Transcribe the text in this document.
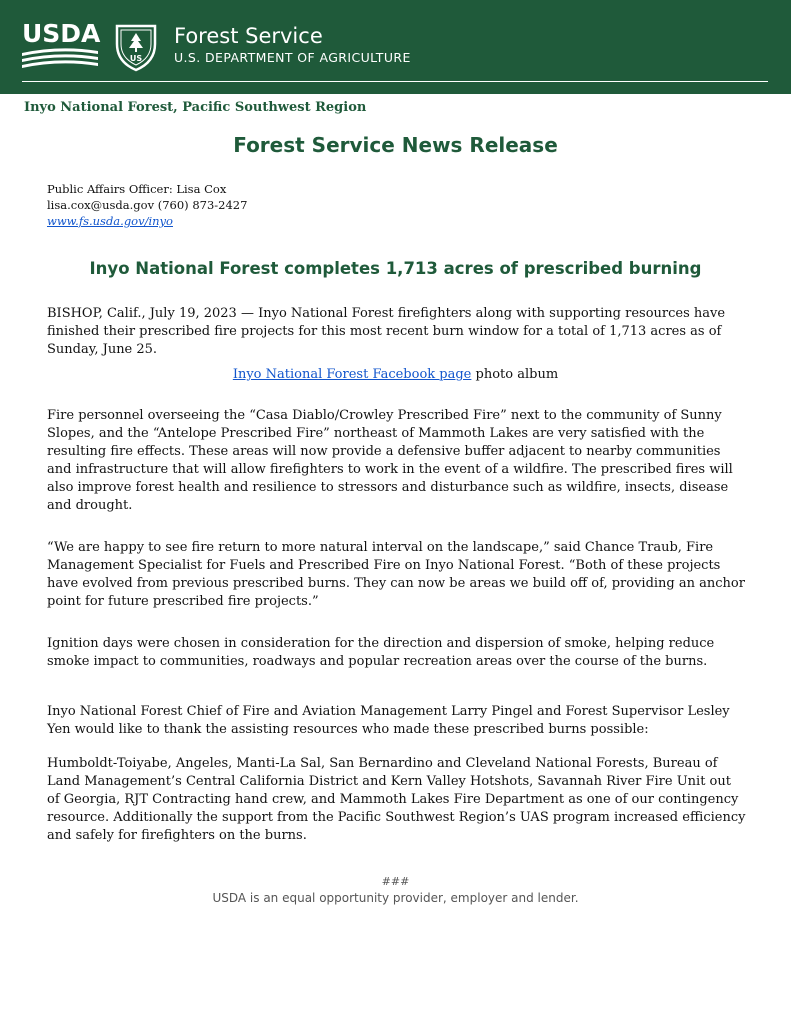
USDA
US
Forest Service
U.S. DEPARTMENT OF AGRICULTURE
Inyo National Forest, Pacific Southwest Region
Forest Service News Release
Public Affairs Officer: Lisa Cox
lisa.cox@usda.gov (760) 873-2427
www.fs.usda.gov/inyo
Inyo National Forest completes 1,713 acres of prescribed burning

BISHOP, Calif., July 19, 2023 — Inyo National Forest firefighters along with supporting resources have finished their prescribed fire projects for this most recent burn window for a total of 1,713 acres as of Sunday, June 25.

Inyo National Forest Facebook page photo album

Fire personnel overseeing the “Casa Diablo/Crowley Prescribed Fire” next to the community of Sunny Slopes, and the “Antelope Prescribed Fire” northeast of Mammoth Lakes are very satisfied with the resulting fire effects. These areas will now provide a defensive buffer adjacent to nearby communities and infrastructure that will allow firefighters to work in the event of a wildfire. The prescribed fires will also improve forest health and resilience to stressors and disturbance such as wildfire, insects, disease and drought.

“We are happy to see fire return to more natural interval on the landscape,” said Chance Traub, Fire Management Specialist for Fuels and Prescribed Fire on Inyo National Forest. “Both of these projects have evolved from previous prescribed burns. They can now be areas we build off of, providing an anchor point for future prescribed fire projects.”

Ignition days were chosen in consideration for the direction and dispersion of smoke, helping reduce smoke impact to communities, roadways and popular recreation areas over the course of the burns.

Inyo National Forest Chief of Fire and Aviation Management Larry Pingel and Forest Supervisor Lesley Yen would like to thank the assisting resources who made these prescribed burns possible:

Humboldt-Toiyabe, Angeles, Manti-La Sal, San Bernardino and Cleveland National Forests, Bureau of Land Management’s Central California District and Kern Valley Hotshots, Savannah River Fire Unit out of Georgia, RJT Contracting hand crew, and Mammoth Lakes Fire Department as one of our contingency resource. Additionally the support from the Pacific Southwest Region’s UAS program increased efficiency and safely for firefighters on the burns.

###
USDA is an equal opportunity provider, employer and lender.
